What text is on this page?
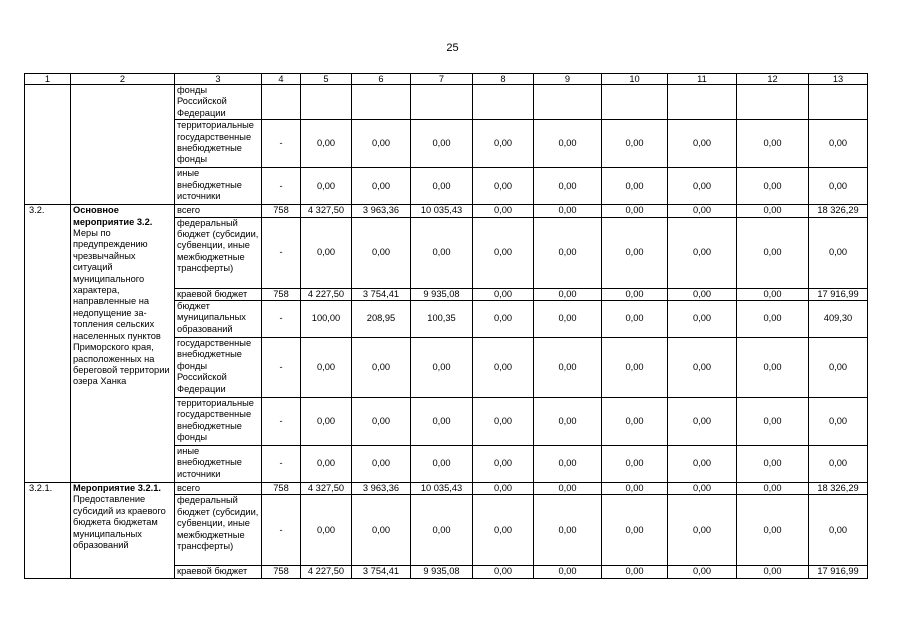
25
1	2	3	4	5	6	7	8	9	10	11	12	13
		фонды Российской Федерации										
		территориальные государственные внебюджетные фонды	-	0,00	0,00	0,00	0,00	0,00	0,00	0,00	0,00	0,00
		иные внебюджетные источники	-	0,00	0,00	0,00	0,00	0,00	0,00	0,00	0,00	0,00
3.2.	Основное мероприятие 3.2. Меры по предупреждению чрезвычайных ситуаций муниципального характера, направленные на недопущение за-топления сельских населенных пунктов Приморского края, расположенных на береговой территории озера Ханка	всего	758	4 327,50	3 963,36	10 035,43	0,00	0,00	0,00	0,00	0,00	18 326,29
		федеральный бюджет (субсидии, субвенции, иные межбюджетные трансферты)	-	0,00	0,00	0,00	0,00	0,00	0,00	0,00	0,00	0,00
		краевой бюджет	758	4 227,50	3 754,41	9 935,08	0,00	0,00	0,00	0,00	0,00	17 916,99
		бюджет муниципальных образований	-	100,00	208,95	100,35	0,00	0,00	0,00	0,00	0,00	409,30
		государственные внебюджетные фонды Российской Федерации	-	0,00	0,00	0,00	0,00	0,00	0,00	0,00	0,00	0,00
		территориальные государственные внебюджетные фонды	-	0,00	0,00	0,00	0,00	0,00	0,00	0,00	0,00	0,00
		иные внебюджетные источники	-	0,00	0,00	0,00	0,00	0,00	0,00	0,00	0,00	0,00
3.2.1.	Мероприятие 3.2.1. Предоставление субсидий из краевого бюджета бюджетам муниципальных образований	всего	758	4 327,50	3 963,36	10 035,43	0,00	0,00	0,00	0,00	0,00	18 326,29
		федеральный бюджет (субсидии, субвенции, иные межбюджетные трансферты)	-	0,00	0,00	0,00	0,00	0,00	0,00	0,00	0,00	0,00
		краевой бюджет	758	4 227,50	3 754,41	9 935,08	0,00	0,00	0,00	0,00	0,00	17 916,99
